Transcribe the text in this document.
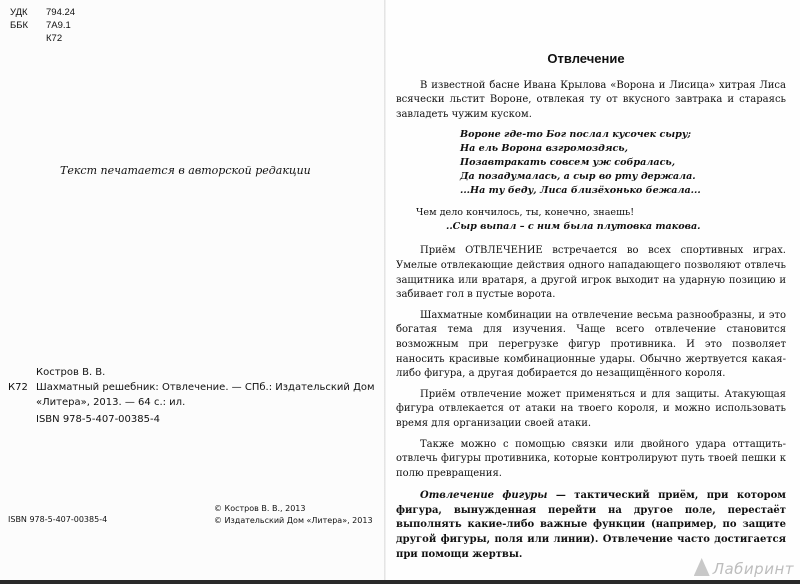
УДК	794.24
ББК	7А9.1
К72
Текст печатается в авторской редакции
Костров В. В.
К72 Шахматный решебник: Отвлечение. — СПб.: Издательский Дом
«Литера», 2013. — 64 с.: ил.
ISBN 978-5-407-00385-4
ISBN 978-5-407-00385-4
© Костров В. В., 2013
© Издательский Дом «Литера», 2013
Отвлечение

В известной басне Ивана Крылова «Ворона и Лисица» хитрая Лиса всячески льстит Вороне, отвлекая ту от вкусного завтрака и стараясь завладеть чужим куском.

Вороне где-то Бог послал кусочек сыру;
На ель Ворона взгромоздясь,
Позавтракать совсем уж собралась,
Да позадумалась, а сыр во рту держала.
...На ту беду, Лиса близёхонько бежала...
Чем дело кончилось, ты, конечно, знаешь!
..Сыр выпал – с ним была плутовка такова.

Приём ОТВЛЕЧЕНИЕ встречается во всех спортивных играх. Умелые отвлекающие действия одного нападающего позволяют отвлечь защитника или вратаря, а другой игрок выходит на ударную позицию и забивает гол в пустые ворота.

Шахматные комбинации на отвлечение весьма разнообразны, и это богатая тема для изучения. Чаще всего отвлечение становится возможным при перегрузке фигур противника. И это позволяет наносить красивые комбинационные удары. Обычно жертвуется какая-либо фигура, а другая добирается до незащищённого короля.

Приём отвлечение может применяться и для защиты. Атакующая фигура отвлекается от атаки на твоего короля, и можно использовать время для организации своей атаки.

Также можно с помощью связки или двойного удара оттащить-отвлечь фигуры противника, которые контролируют путь твоей пешки к полю превращения.

Отвлечение фигуры — тактический приём, при котором фигура, вынужденная перейти на другое поле, перестаёт выполнять какие-либо важные функции (например, по защите другой фигуры, поля или линии). Отвлечение часто достигается при помощи жертвы.

Лабиринт
